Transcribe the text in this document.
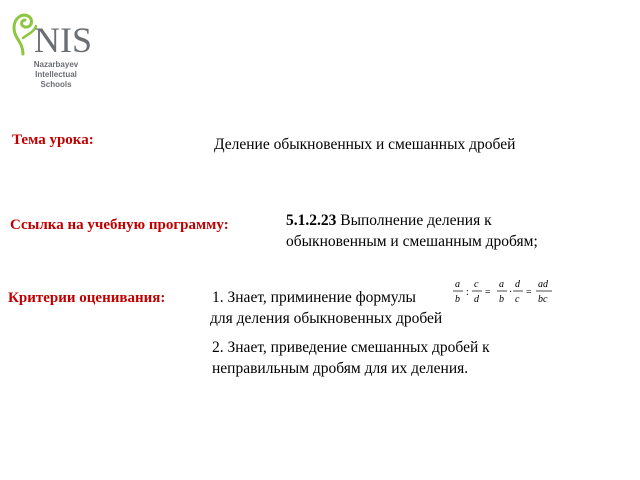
NIS
Nazarbayev
Intellectual
Schools
Тема урока:	Деление обыкновенных и смешанных дробей
Ссылка на учебную программу:	5.1.2.23 Выполнение деления к
обыкновенным и смешанным дробям;
Критерии оценивания:	1. Знает, приминение формулы
для деления обыкновенных дробей
a
b
:
c
d
=
a
b
·
d
c
=
ad
bc
2. Знает, приведение смешанных дробей к
неправильным дробям для их деления.
